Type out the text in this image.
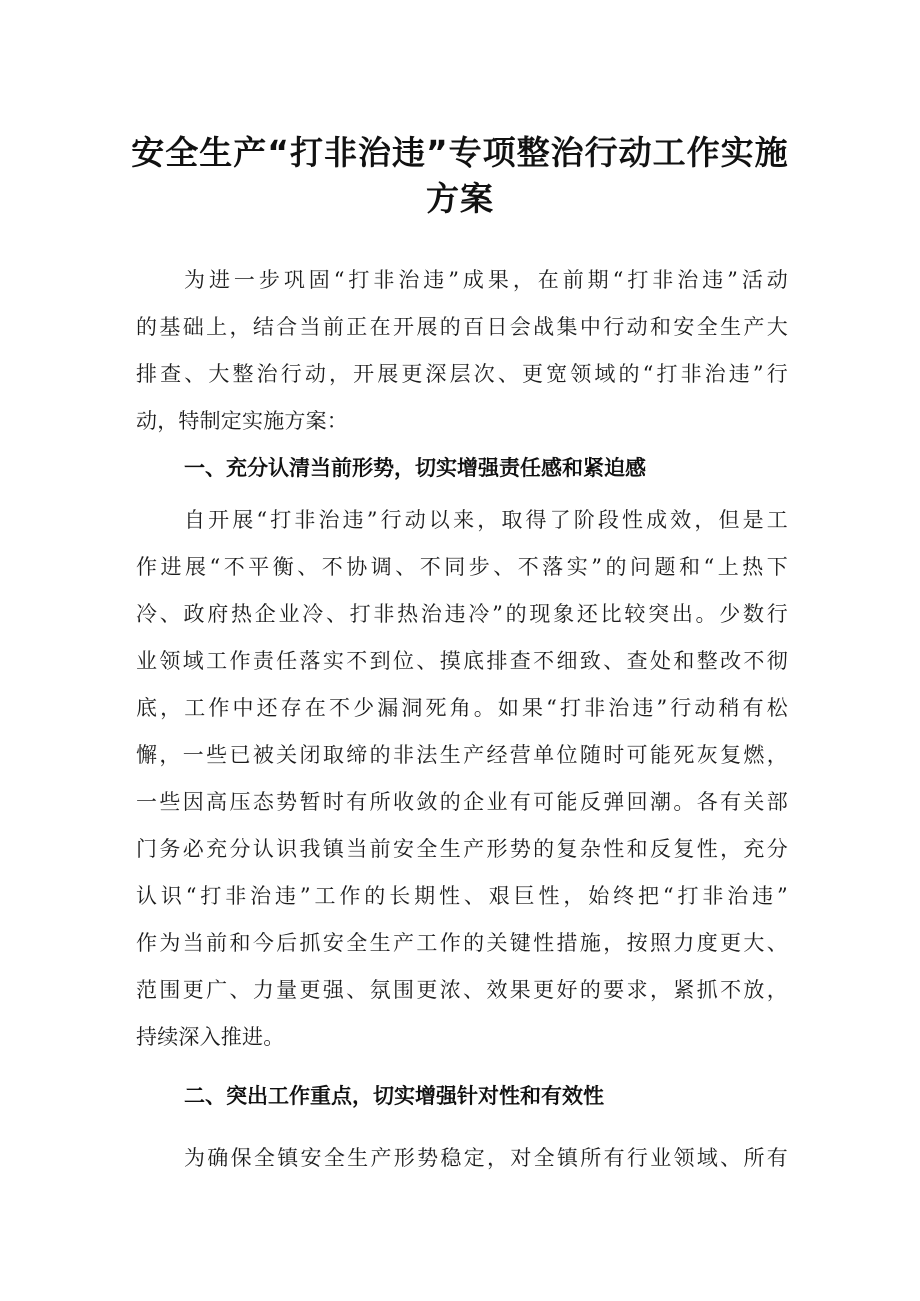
安全生产“打非治违”专项整治行动工作实施
方案
为进一步巩固“打非治违”成果，在前期“打非治违”活动
的基础上，结合当前正在开展的百日会战集中行动和安全生产大
排查、大整治行动，开展更深层次、更宽领域的“打非治违”行
动，特制定实施方案：
一、充分认清当前形势，切实增强责任感和紧迫感
自开展“打非治违”行动以来，取得了阶段性成效，但是工
作进展“不平衡、不协调、不同步、不落实”的问题和“上热下
冷、政府热企业冷、打非热治违冷”的现象还比较突出。少数行
业领域工作责任落实不到位、摸底排查不细致、查处和整改不彻
底，工作中还存在不少漏洞死角。如果“打非治违”行动稍有松
懈，一些已被关闭取缔的非法生产经营单位随时可能死灰复燃，
一些因高压态势暂时有所收敛的企业有可能反弹回潮。各有关部
门务必充分认识我镇当前安全生产形势的复杂性和反复性，充分
认识“打非治违”工作的长期性、艰巨性，始终把“打非治违”
作为当前和今后抓安全生产工作的关键性措施，按照力度更大、
范围更广、力量更强、氛围更浓、效果更好的要求，紧抓不放，
持续深入推进。
二、突出工作重点，切实增强针对性和有效性
为确保全镇安全生产形势稳定，对全镇所有行业领域、所有
